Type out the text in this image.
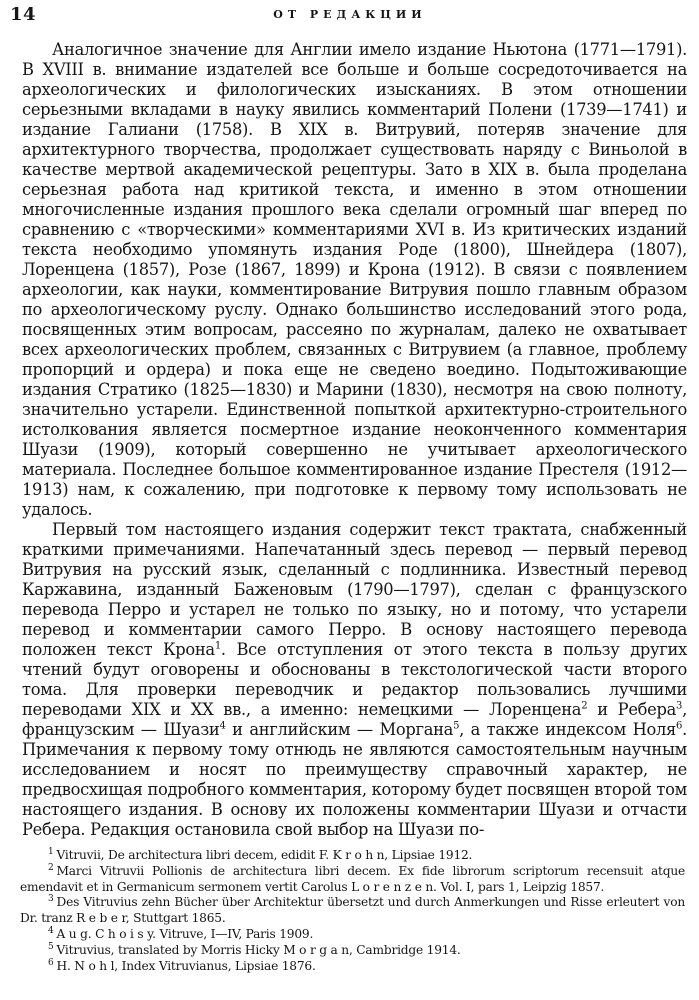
14	ОТ РЕДАКЦИИ

Аналогичное значение для Англии имело издание Ньютона (1771—1791). В XVIII в. внимание издателей все больше и больше сосредоточивается на археологических и филологических изысканиях. В этом отношении серьезными вкладами в науку явились комментарий Полени (1739—1741) и издание Галиани (1758). В XIX в. Витрувий, потеряв значение для архитектурного творчества, продолжает существовать наряду с Виньолой в качестве мертвой академической рецептуры. Зато в XIX в. была проделана серьезная работа над критикой текста, и именно в этом отношении многочисленные издания прошлого века сделали огромный шаг вперед по сравнению с «творческими» комментариями XVI в. Из критических изданий текста необходимо упомянуть издания Роде (1800), Шнейдера (1807), Лоренцена (1857), Розе (1867, 1899) и Крона (1912). В связи с появлением археологии, как науки, комментирование Витрувия пошло главным образом по археологическому руслу. Однако большинство исследований этого рода, посвященных этим вопросам, рассеяно по журналам, далеко не охватывает всех археологических проблем, связанных с Витрувием (а главное, проблему пропорций и ордера) и пока еще не сведено воедино. Подытоживающие издания Стратико (1825—1830) и Марини (1830), несмотря на свою полноту, значительно устарели. Единственной попыткой архитектурно-строительного истолкования является посмертное издание неоконченного комментария Шуази (1909), который совершенно не учитывает археологического материала. Последнее большое комментированное издание Престеля (1912—1913) нам, к сожалению, при подготовке к первому тому использовать не удалось.

Первый том настоящего издания содержит текст трактата, снабженный краткими примечаниями. Напечатанный здесь перевод — первый перевод Витрувия на русский язык, сделанный с подлинника. Известный перевод Каржавина, изданный Баженовым (1790—1797), сделан с французского перевода Перро и устарел не только по языку, но и потому, что устарели перевод и комментарии самого Перро. В основу настоящего перевода положен текст Крона$^1$. Все отступления от этого текста в пользу других чтений будут оговорены и обоснованы в текстологической части второго тома. Для проверки переводчик и редактор пользовались лучшими переводами XIX и XX вв., а именно: немецкими — Лоренцена$^2$ и Ребера$^3$, французским — Шуази$^4$ и английским — Моргана$^5$, а также индексом Ноля$^6$. Примечания к первому тому отнюдь не являются самостоятельным научным исследованием и носят по преимуществу справочный характер, не предвосхищая подробного комментария, которому будет посвящен второй том настоящего издания. В основу их положены комментарии Шуази и отчасти Ребера. Редакция остановила свой выбор на Шуази по-

$^1$ Vitruvii, De architectura libri decem, edidit F. K r o h n, Lipsiae 1912.

$^2$ Marci Vitruvii Pollionis de architectura libri decem. Ex fide librorum scriptorum recensuit atque emendavit et in Germanicum sermonem vertit Carolus L o r e n z e n. Vol. I, pars 1, Leipzig 1857.

$^3$ Des Vitruvius zehn Bücher über Architektur übersetzt und durch Anmerkungen und Risse erleutert von Dr. tranz R e b e r, Stuttgart 1865.

$^4$ A u g. C h o i s y. Vitruve, I—IV, Paris 1909.

$^5$ Vitruvius, translated by Morris Hicky M o r g a n, Cambridge 1914.

$^6$ H. N o h l, Index Vitruvianus, Lipsiae 1876.
